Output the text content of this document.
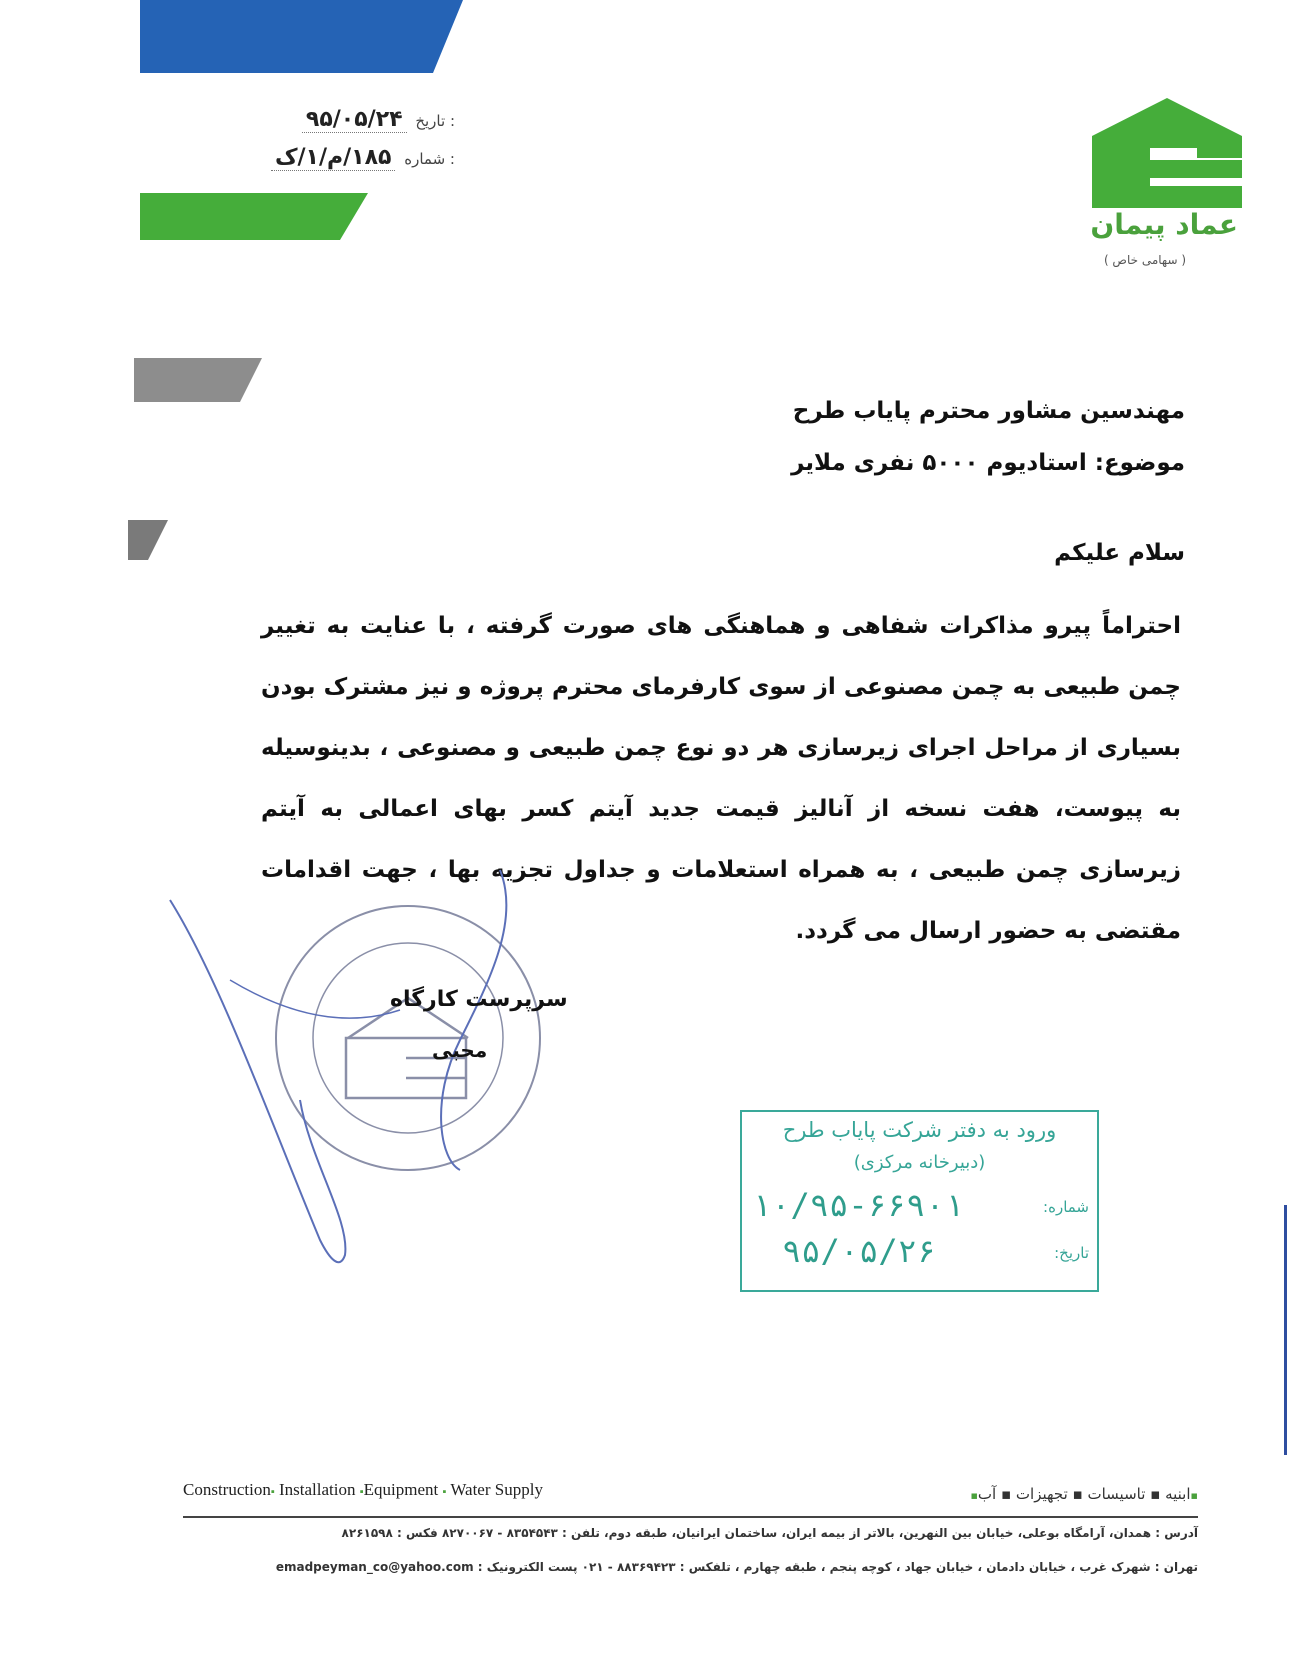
: تاریخ ۹۵/۰۵/۲۴
: شماره ۱۸۵/م/۱/ک
عماد پیمان
( سهامی خاص )
مهندسین مشاور محترم پایاب طرح
موضوع: استادیوم ۵۰۰۰ نفری ملایر
سلام علیکم
احتراماً پیرو مذاکرات شفاهی و هماهنگی های صورت گرفته ، با عنایت به تغییر
چمن طبیعی به چمن مصنوعی از سوی کارفرمای محترم پروژه و نیز مشترک بودن
بسیاری از مراحل اجرای زیرسازی هر دو نوع چمن طبیعی و مصنوعی ، بدینوسیله
به پیوست، هفت نسخه از آنالیز قیمت جدید آیتم کسر بهای اعمالی به آیتم
زیرسازی چمن طبیعی ، به همراه استعلامات و جداول تجزیه بها ، جهت اقدامات
مقتضی به حضور ارسال می گردد.
سرپرست کارگاه
محبی
ورود به دفتر شرکت پایاب طرح
(دبیرخانه مرکزی)
شماره:
۱۰/۹۵-۶۶۹۰۱
تاریخ:
۹۵/۰۵/۲۶
Construction▪ Installation ▪Equipment ▪ Water Supply	▪ابنیه ▪ تاسیسات ▪ تجهیزات ▪ آب▪
آدرس : همدان، آرامگاه بوعلی، خیابان بین النهرین، بالاتر از بیمه ایران، ساختمان ایرانیان، طبقه دوم، تلفن : ۸۳۵۴۵۴۳ - ۸۲۷۰۰۶۷ فکس : ۸۲۶۱۵۹۸
تهران : شهرک غرب ، خیابان دادمان ، خیابان جهاد ، کوچه پنجم ، طبقه چهارم ، تلفکس : ۸۸۳۶۹۴۲۳ - ۰۲۱ پست الکترونیک : emadpeyman_co@yahoo.com
